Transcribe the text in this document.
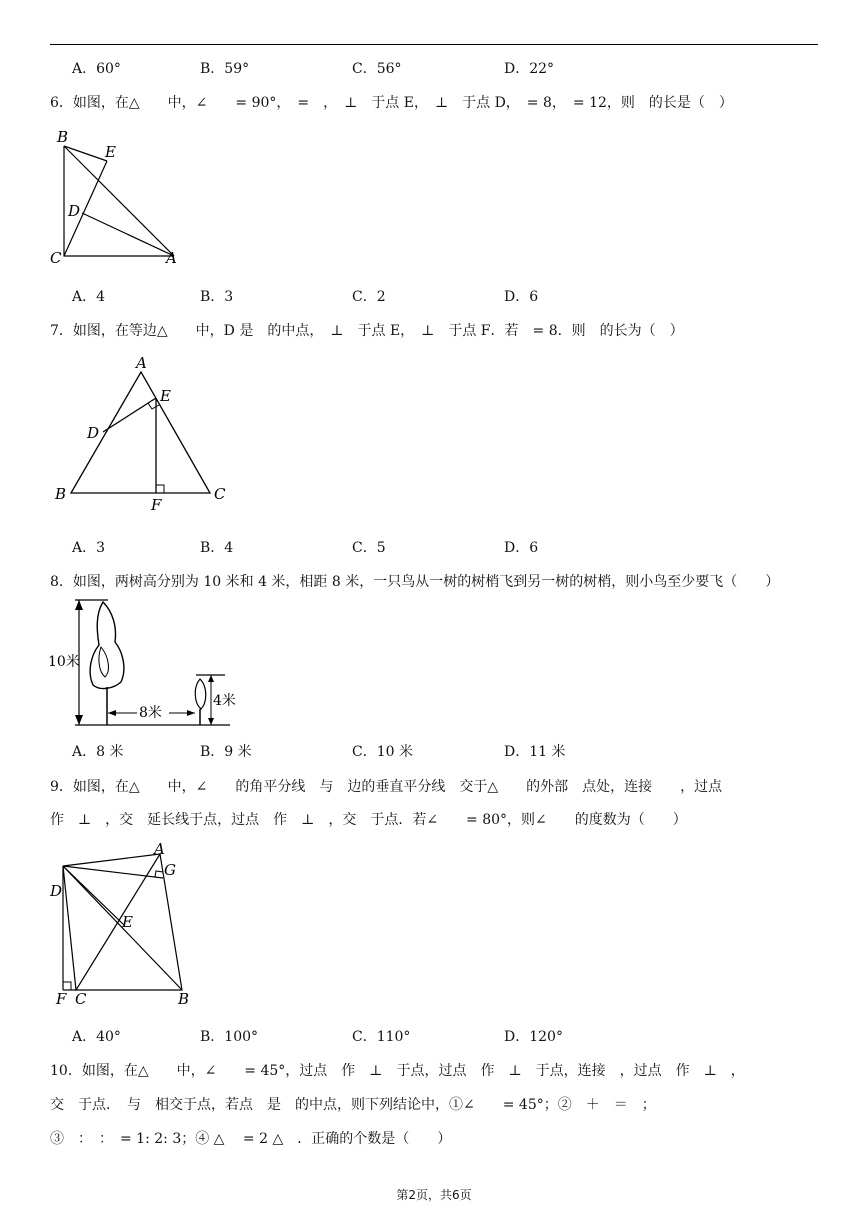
A．60°	B．59°	C．56°	D．22°
6．如图，在△　　中，∠　　= 90°，　=　，　⊥　于点 E，　⊥　于点 D，　= 8，　= 12，则　的长是（　）
B
E
D
C	A
A．4	B．3	C．2	D．6
7．如图，在等边△　　中，D 是　的中点，　⊥　于点 E，　⊥　于点 F．若　= 8．则　的长为（　）
A
E
D
B	C
F
A．3	B．4	C．5	D．6
8．如图，两树高分别为 10 米和 4 米，相距 8 米，一只鸟从一树的树梢飞到另一树的树梢，则小鸟至少要飞（　　）
10米
4米
8米
A．8 米	B．9 米	C．10 米	D．11 米
9．如图，在△　　中，∠　　的角平分线　与　边的垂直平分线　交于△　　的外部　点处，连接　　，过点
作　⊥　，交　延长线于点，过点　作　⊥　，交　于点．若∠　　= 80°，则∠　　的度数为（　　）
A
G
D
E
F C	B
A．40°	B．100°	C．110°	D．120°
10．如图，在△　　中，∠　　= 45°，过点　作　⊥　于点，过点　作　⊥　于点，连接　，过点　作　⊥　，
交　于点．　与　相交于点，若点　是　的中点，则下列结论中，①∠　　= 45°；②　＋　＝　；
③　：　：　= 1: 2: 3；④ △　 = 2 △　．正确的个数是（　　）
第2页，共6页
